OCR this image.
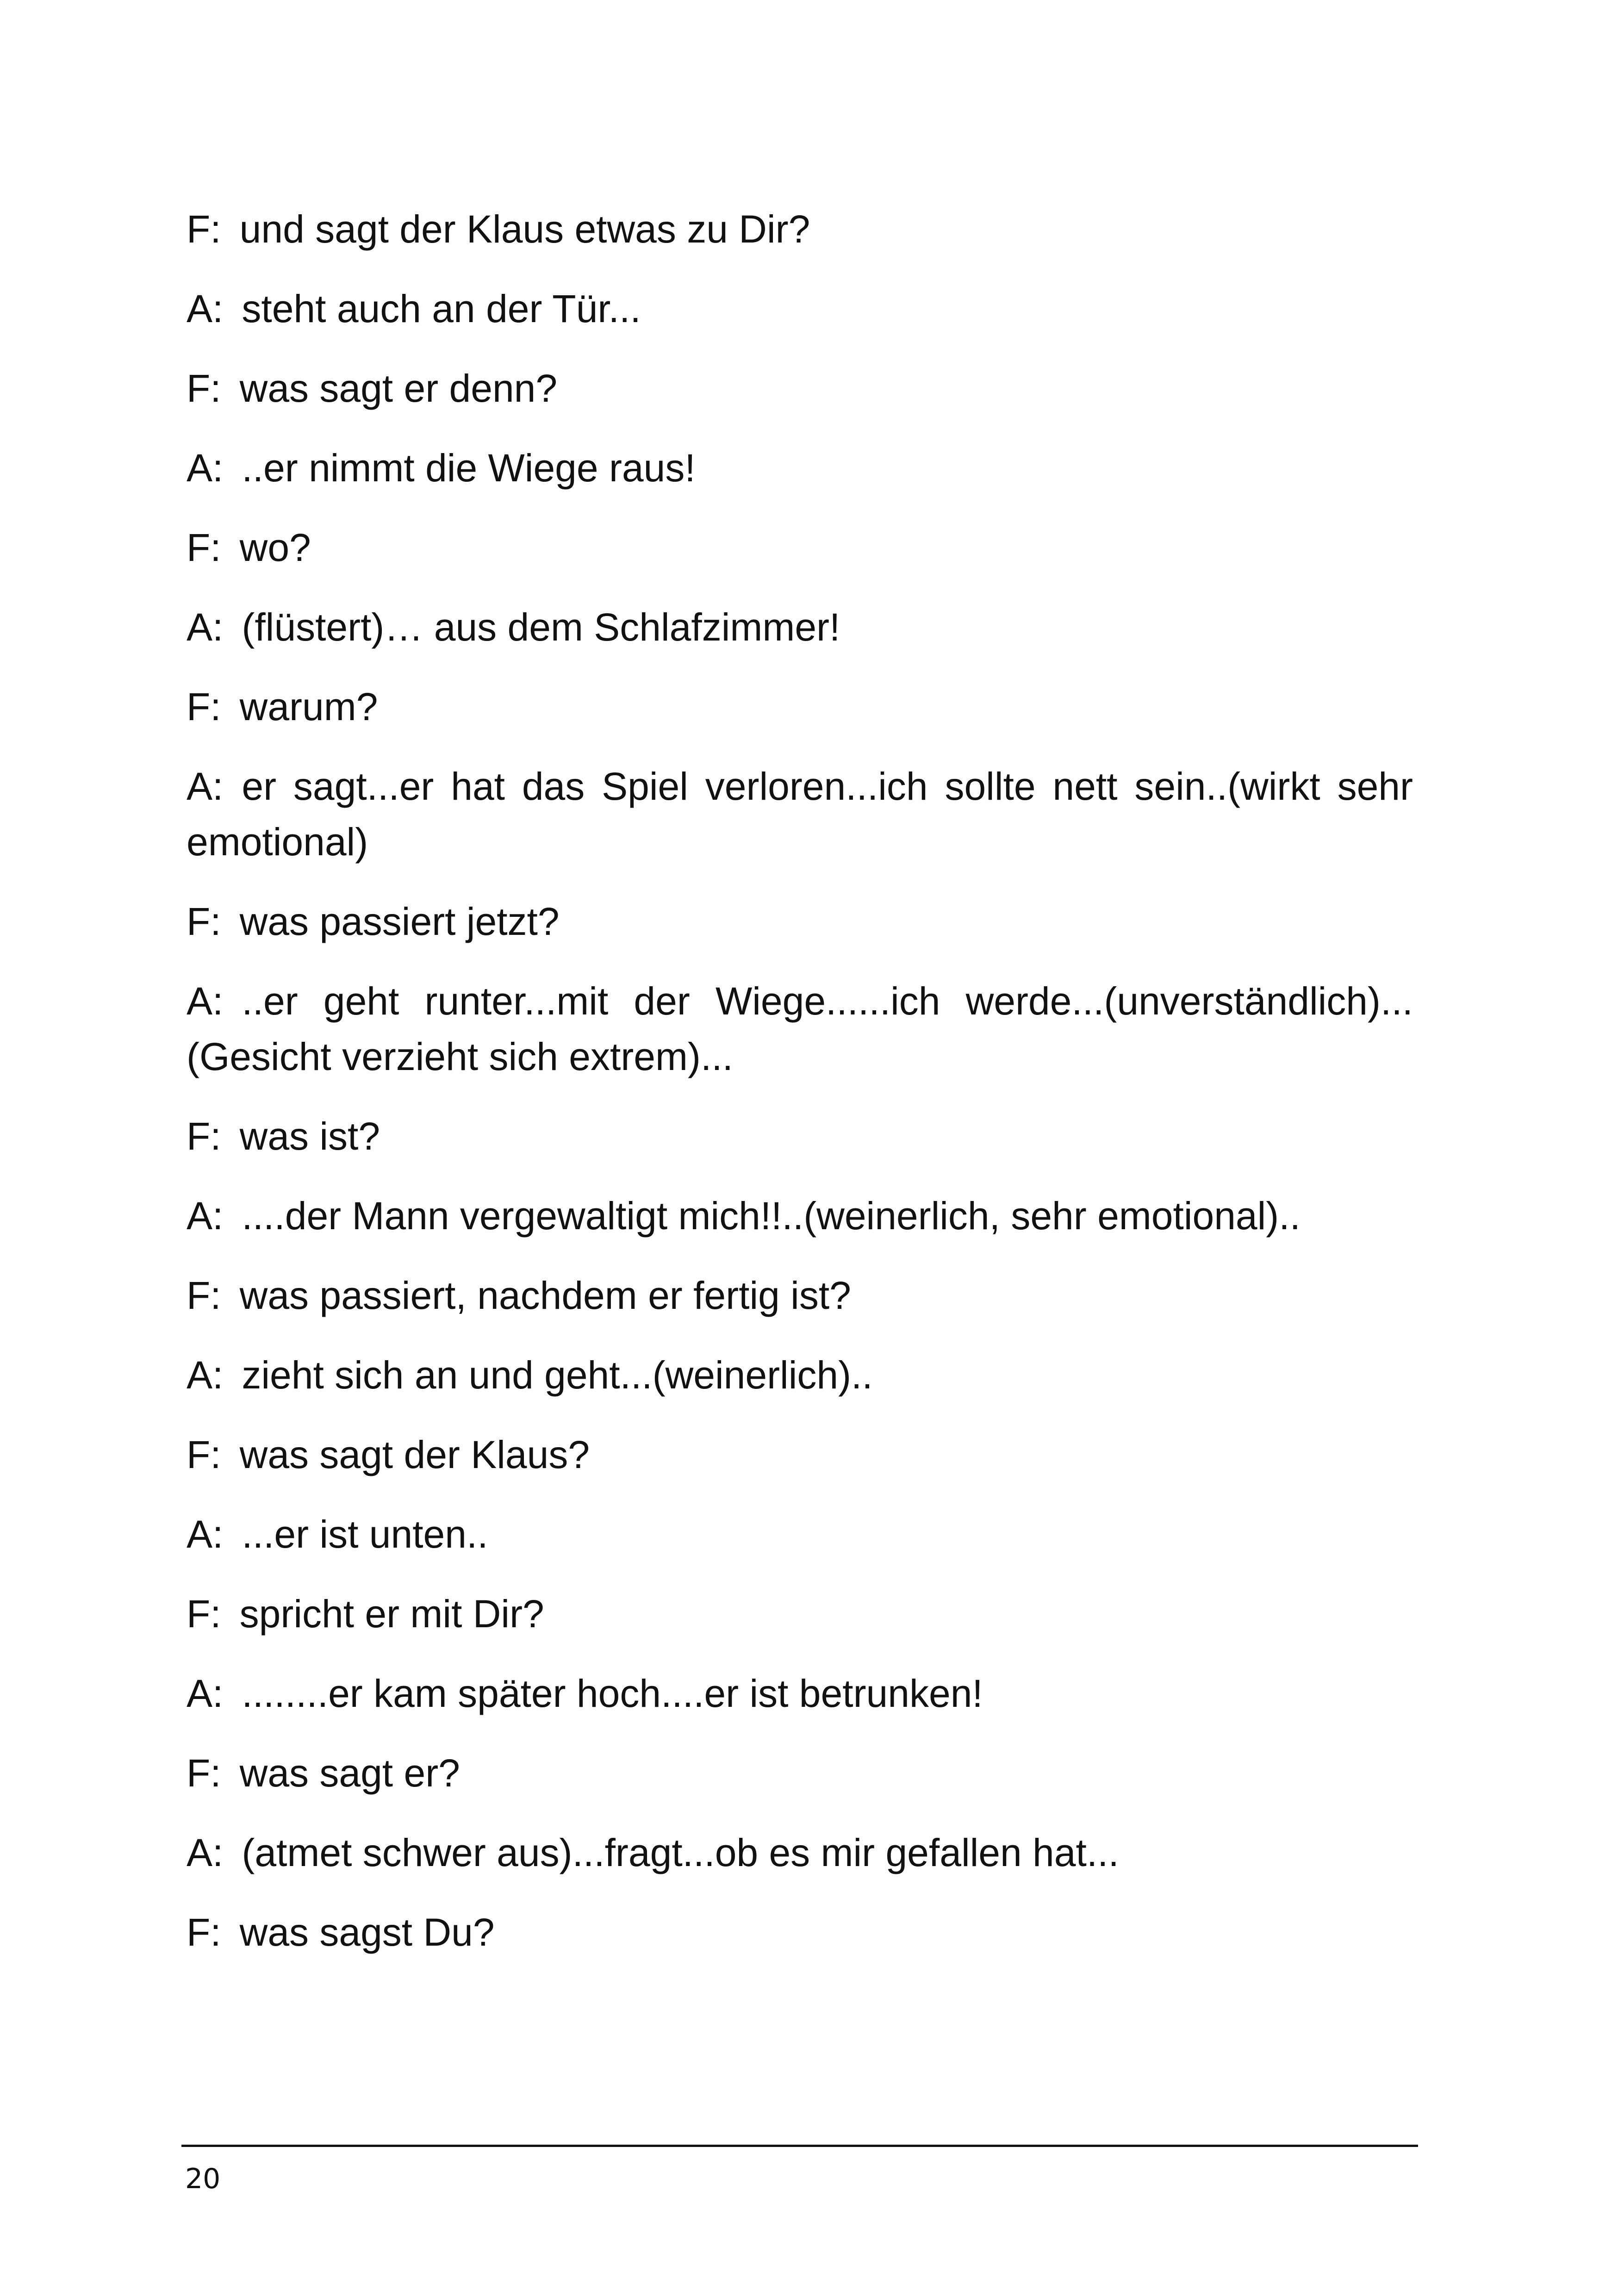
F: und sagt der Klaus etwas zu Dir?

A: steht auch an der Tür...

F: was sagt er denn?

A: ..er nimmt die Wiege raus!

F: wo?

A: (flüstert)… aus dem Schlafzimmer!

F: warum?

A: er sagt...er hat das Spiel verloren...ich sollte nett sein..(wirkt sehr emotional)

F: was passiert jetzt?

A: ..er geht runter...mit der Wiege......ich werde...(unverständlich)...(Gesicht verzieht sich extrem)...

F: was ist?

A: ....der Mann vergewaltigt mich!!..(weinerlich, sehr emotional)..

F: was passiert, nachdem er fertig ist?

A: zieht sich an und geht...(weinerlich)..

F: was sagt der Klaus?

A: ...er ist unten..

F: spricht er mit Dir?

A: ........er kam später hoch....er ist betrunken!

F: was sagt er?

A: (atmet schwer aus)...fragt...ob es mir gefallen hat...

F: was sagst Du?

20
